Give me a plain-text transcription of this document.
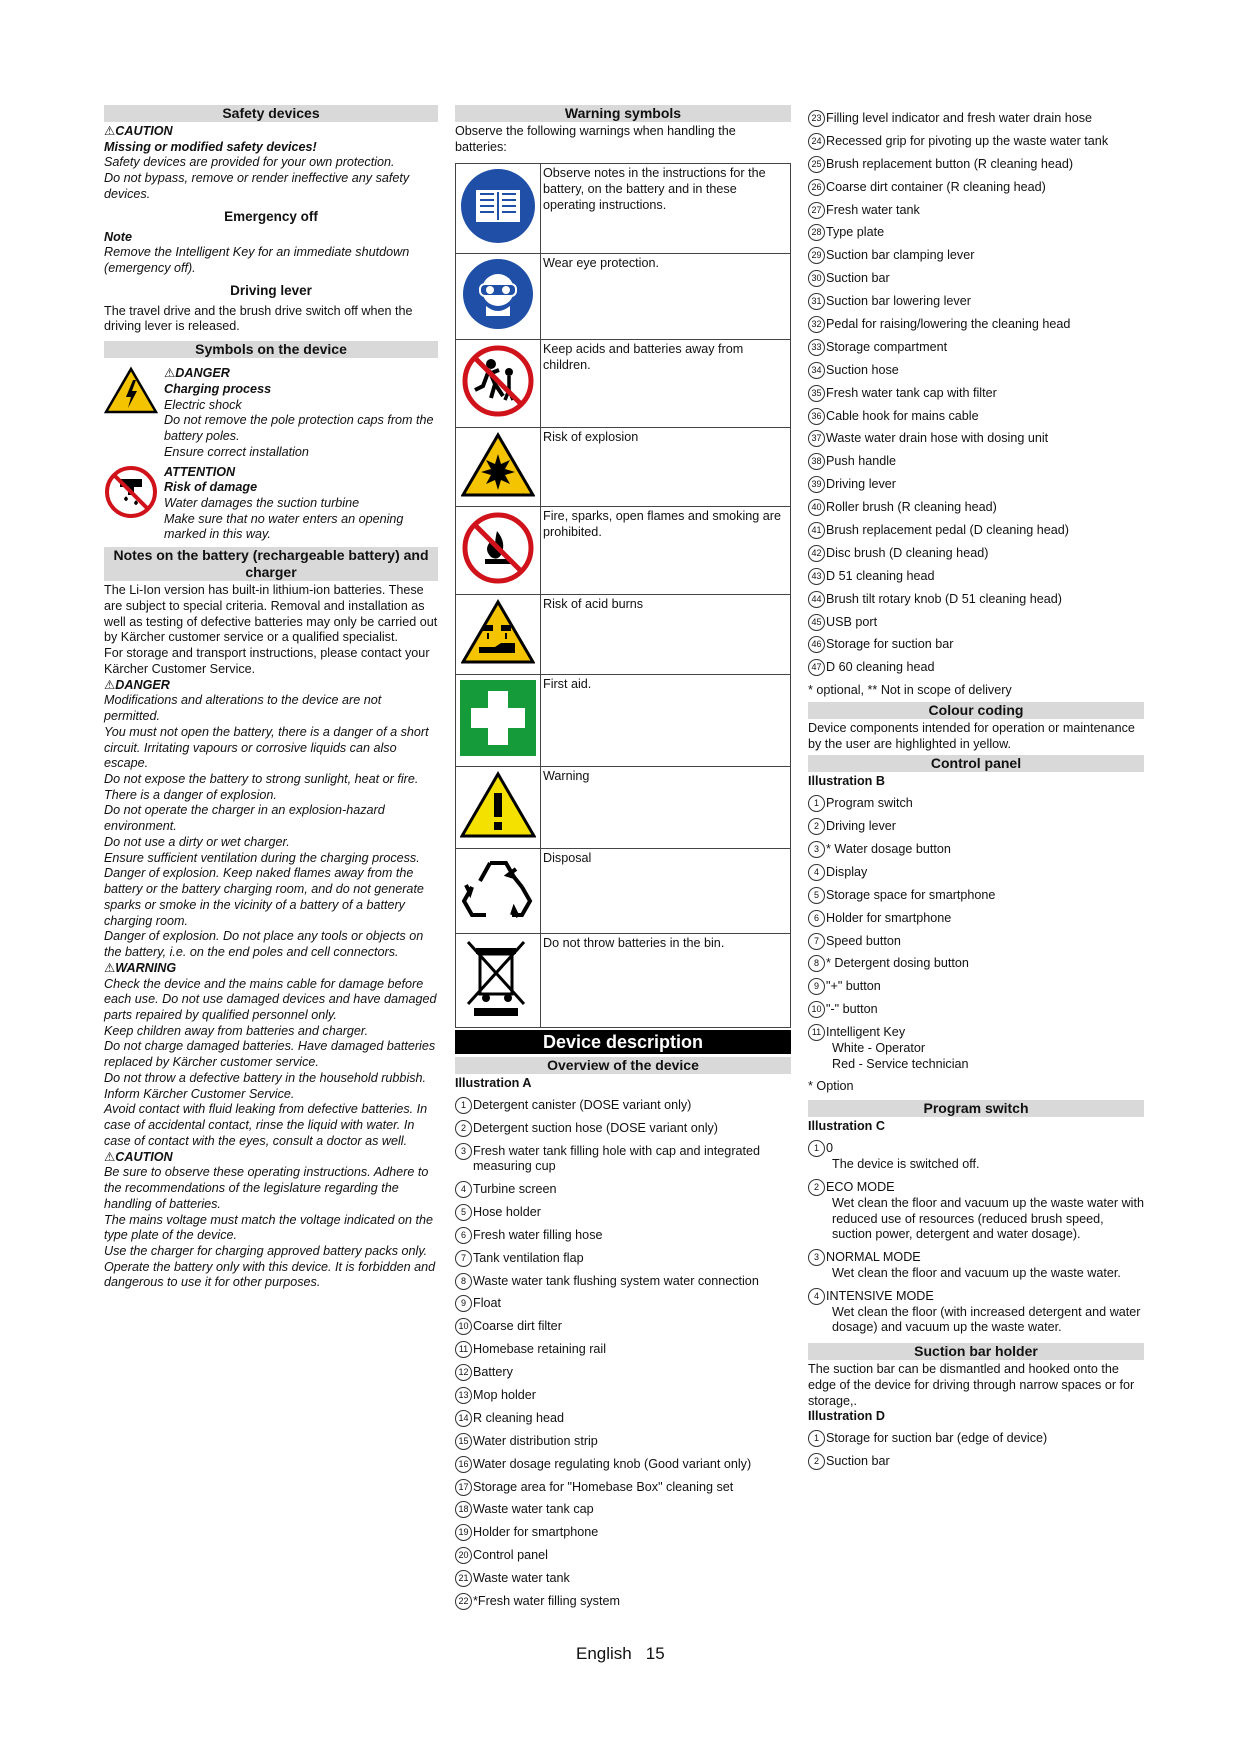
Safety devices

⚠CAUTION

Missing or modified safety devices!

Safety devices are provided for your own protection.

Do not bypass, remove or render ineffective any safety devices.

Emergency off

Note

Remove the Intelligent Key for an immediate shutdown (emergency off).

Driving lever

The travel drive and the brush drive switch off when the driving lever is released.

Symbols on the device

⚠DANGER

Charging process

Electric shock

Do not remove the pole protection caps from the battery poles.

Ensure correct installation

ATTENTION

Risk of damage

Water damages the suction turbine

Make sure that no water enters an opening marked in this way.

Notes on the battery (rechargeable battery) and charger

The Li-Ion version has built-in lithium-ion batteries. These are subject to special criteria. Removal and installation as well as testing of defective batteries may only be carried out by Kärcher customer service or a qualified specialist.

For storage and transport instructions, please contact your Kärcher Customer Service.

⚠DANGER

Modifications and alterations to the device are not permitted.

You must not open the battery, there is a danger of a short circuit. Irritating vapours or corrosive liquids can also escape.

Do not expose the battery to strong sunlight, heat or fire. There is a danger of explosion.

Do not operate the charger in an explosion-hazard environment.

Do not use a dirty or wet charger.

Ensure sufficient ventilation during the charging process.

Danger of explosion. Keep naked flames away from the battery or the battery charging room, and do not generate sparks or smoke in the vicinity of a battery of a battery charging room.

Danger of explosion. Do not place any tools or objects on the battery, i.e. on the end poles and cell connectors.

⚠WARNING

Check the device and the mains cable for damage before each use. Do not use damaged devices and have damaged parts repaired by qualified personnel only.

Keep children away from batteries and charger.

Do not charge damaged batteries. Have damaged batteries replaced by Kärcher customer service.

Do not throw a defective battery in the household rubbish. Inform Kärcher Customer Service.

Avoid contact with fluid leaking from defective batteries. In case of accidental contact, rinse the liquid with water. In case of contact with the eyes, consult a doctor as well.

⚠CAUTION

Be sure to observe these operating instructions. Adhere to the recommendations of the legislature regarding the handling of batteries.

The mains voltage must match the voltage indicated on the type plate of the device.

Use the charger for charging approved battery packs only. Operate the battery only with this device. It is forbidden and dangerous to use it for other purposes.

Warning symbols

Observe the following warnings when handling the batteries:

	Observe notes in the instructions for the battery, on the battery and in these operating instructions.
	Wear eye protection.
	Keep acids and batteries away from children.
	Risk of explosion
	Fire, sparks, open flames and smoking are prohibited.
	Risk of acid burns
	First aid.
	Warning
	Disposal
	Do not throw batteries in the bin.
Device description
Overview of the device

Illustration A

1 Detergent canister (DOSE variant only)
2 Detergent suction hose (DOSE variant only)
3 Fresh water tank filling hole with cap and integrated measuring cup
4 Turbine screen
5 Hose holder
6 Fresh water filling hose
7 Tank ventilation flap
8 Waste water tank flushing system water connection
9 Float
10 Coarse dirt filter
11 Homebase retaining rail
12 Battery
13 Mop holder
14 R cleaning head
15 Water distribution strip
16 Water dosage regulating knob (Good variant only)
17 Storage area for "Homebase Box" cleaning set
18 Waste water tank cap
19 Holder for smartphone
20 Control panel
21 Waste water tank
22 *Fresh water filling system
23 Filling level indicator and fresh water drain hose
24 Recessed grip for pivoting up the waste water tank
25 Brush replacement button (R cleaning head)
26 Coarse dirt container (R cleaning head)
27 Fresh water tank
28 Type plate
29 Suction bar clamping lever
30 Suction bar
31 Suction bar lowering lever
32 Pedal for raising/lowering the cleaning head
33 Storage compartment
34 Suction hose
35 Fresh water tank cap with filter
36 Cable hook for mains cable
37 Waste water drain hose with dosing unit
38 Push handle
39 Driving lever
40 Roller brush (R cleaning head)
41 Brush replacement pedal (D cleaning head)
42 Disc brush (D cleaning head)
43 D 51 cleaning head
44 Brush tilt rotary knob (D 51 cleaning head)
45 USB port
46 Storage for suction bar
47 D 60 cleaning head

* optional, ** Not in scope of delivery

Colour coding

Device components intended for operation or maintenance by the user are highlighted in yellow.

Control panel

Illustration B

1 Program switch
2 Driving lever
3 * Water dosage button
4 Display
5 Storage space for smartphone
6 Holder for smartphone
7 Speed button
8 * Detergent dosing button
9 "+" button
10 "-" button
11 Intelligent Key

White - Operator

Red - Service technician

* Option

Program switch

Illustration C

1 0

The device is switched off.

2 ECO MODE

Wet clean the floor and vacuum up the waste water with reduced use of resources (reduced brush speed, suction power, detergent and water dosage).

3 NORMAL MODE

Wet clean the floor and vacuum up the waste water.

4 INTENSIVE MODE

Wet clean the floor (with increased detergent and water dosage) and vacuum up the waste water.

Suction bar holder

The suction bar can be dismantled and hooked onto the edge of the device for driving through narrow spaces or for storage,.

Illustration D

1 Storage for suction bar (edge of device)
2 Suction bar
English 15
